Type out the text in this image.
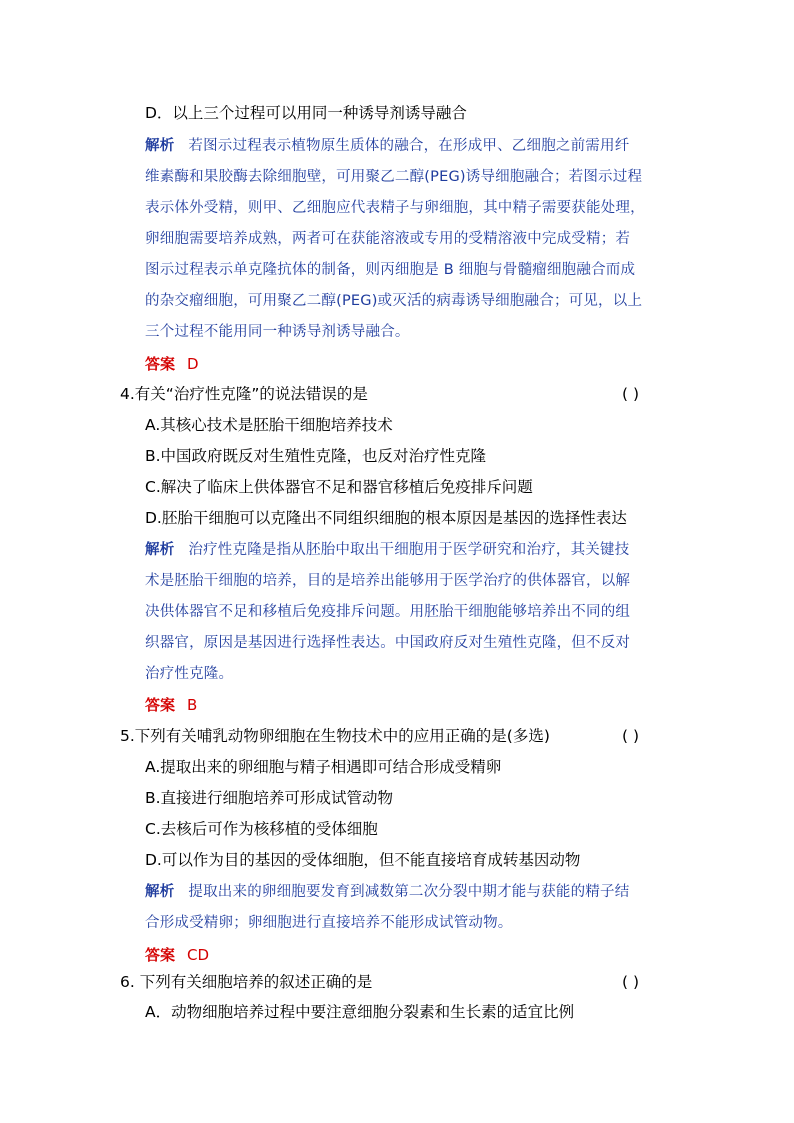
D．以上三个过程可以用同一种诱导剂诱导融合
解析 若图示过程表示植物原生质体的融合，在形成甲、乙细胞之前需用纤
维素酶和果胶酶去除细胞壁，可用聚乙二醇(PEG)诱导细胞融合；若图示过程
表示体外受精，则甲、乙细胞应代表精子与卵细胞，其中精子需要获能处理，
卵细胞需要培养成熟，两者可在获能溶液或专用的受精溶液中完成受精；若
图示过程表示单克隆抗体的制备，则丙细胞是 B 细胞与骨髓瘤细胞融合而成
的杂交瘤细胞，可用聚乙二醇(PEG)或灭活的病毒诱导细胞融合；可见，以上
三个过程不能用同一种诱导剂诱导融合。
答案 D
4.有关“治疗性克隆”的说法错误的是	( )
A.其核心技术是胚胎干细胞培养技术
B.中国政府既反对生殖性克隆，也反对治疗性克隆
C.解决了临床上供体器官不足和器官移植后免疫排斥问题
D.胚胎干细胞可以克隆出不同组织细胞的根本原因是基因的选择性表达
解析 治疗性克隆是指从胚胎中取出干细胞用于医学研究和治疗，其关键技
术是胚胎干细胞的培养，目的是培养出能够用于医学治疗的供体器官，以解
决供体器官不足和移植后免疫排斥问题。用胚胎干细胞能够培养出不同的组
织器官，原因是基因进行选择性表达。中国政府反对生殖性克隆，但不反对
治疗性克隆。
答案 B
5.下列有关哺乳动物卵细胞在生物技术中的应用正确的是(多选)	( )
A.提取出来的卵细胞与精子相遇即可结合形成受精卵
B.直接进行细胞培养可形成试管动物
C.去核后可作为核移植的受体细胞
D.可以作为目的基因的受体细胞，但不能直接培育成转基因动物
解析 提取出来的卵细胞要发育到减数第二次分裂中期才能与获能的精子结
合形成受精卵；卵细胞进行直接培养不能形成试管动物。
答案 CD
6. 下列有关细胞培养的叙述正确的是	( )
A．动物细胞培养过程中要注意细胞分裂素和生长素的适宜比例
